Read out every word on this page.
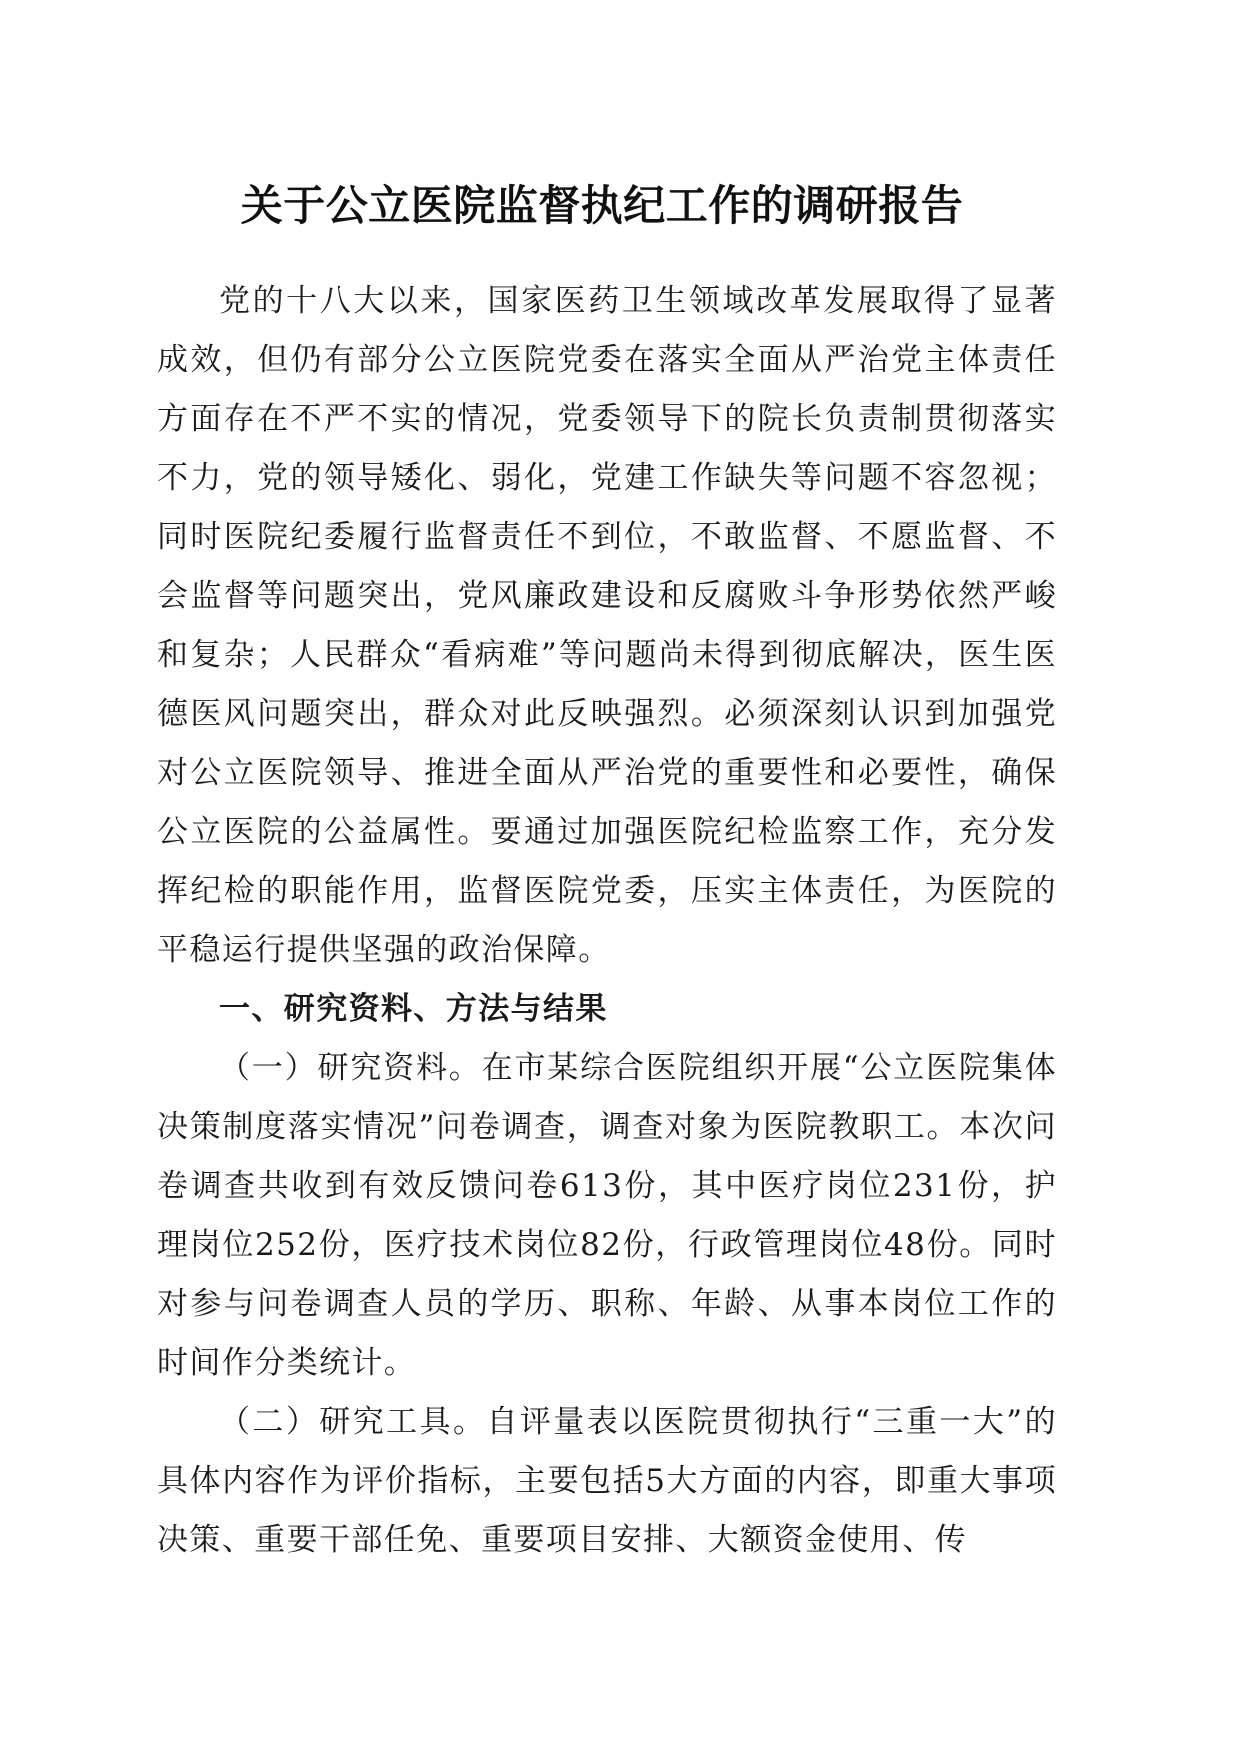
关于公立医院监督执纪工作的调研报告

党的十八大以来，国家医药卫生领域改革发展取得了显著成效，但仍有部分公立医院党委在落实全面从严治党主体责任方面存在不严不实的情况，党委领导下的院长负责制贯彻落实不力，党的领导矮化、弱化，党建工作缺失等问题不容忽视；同时医院纪委履行监督责任不到位，不敢监督、不愿监督、不会监督等问题突出，党风廉政建设和反腐败斗争形势依然严峻和复杂；人民群众“看病难”等问题尚未得到彻底解决，医生医德医风问题突出，群众对此反映强烈。必须深刻认识到加强党对公立医院领导、推进全面从严治党的重要性和必要性，确保公立医院的公益属性。要通过加强医院纪检监察工作，充分发挥纪检的职能作用，监督医院党委，压实主体责任，为医院的平稳运行提供坚强的政治保障。

一、研究资料、方法与结果

（一）研究资料。在市某综合医院组织开展“公立医院集体决策制度落实情况”问卷调查，调查对象为医院教职工。本次问卷调查共收到有效反馈问卷613份，其中医疗岗位231份，护理岗位252份，医疗技术岗位82份，行政管理岗位48份。同时对参与问卷调查人员的学历、职称、年龄、从事本岗位工作的时间作分类统计。

（二）研究工具。自评量表以医院贯彻执行“三重一大”的具体内容作为评价指标，主要包括5大方面的内容，即重大事项决策、重要干部任免、重要项目安排、大额资金使用、传
